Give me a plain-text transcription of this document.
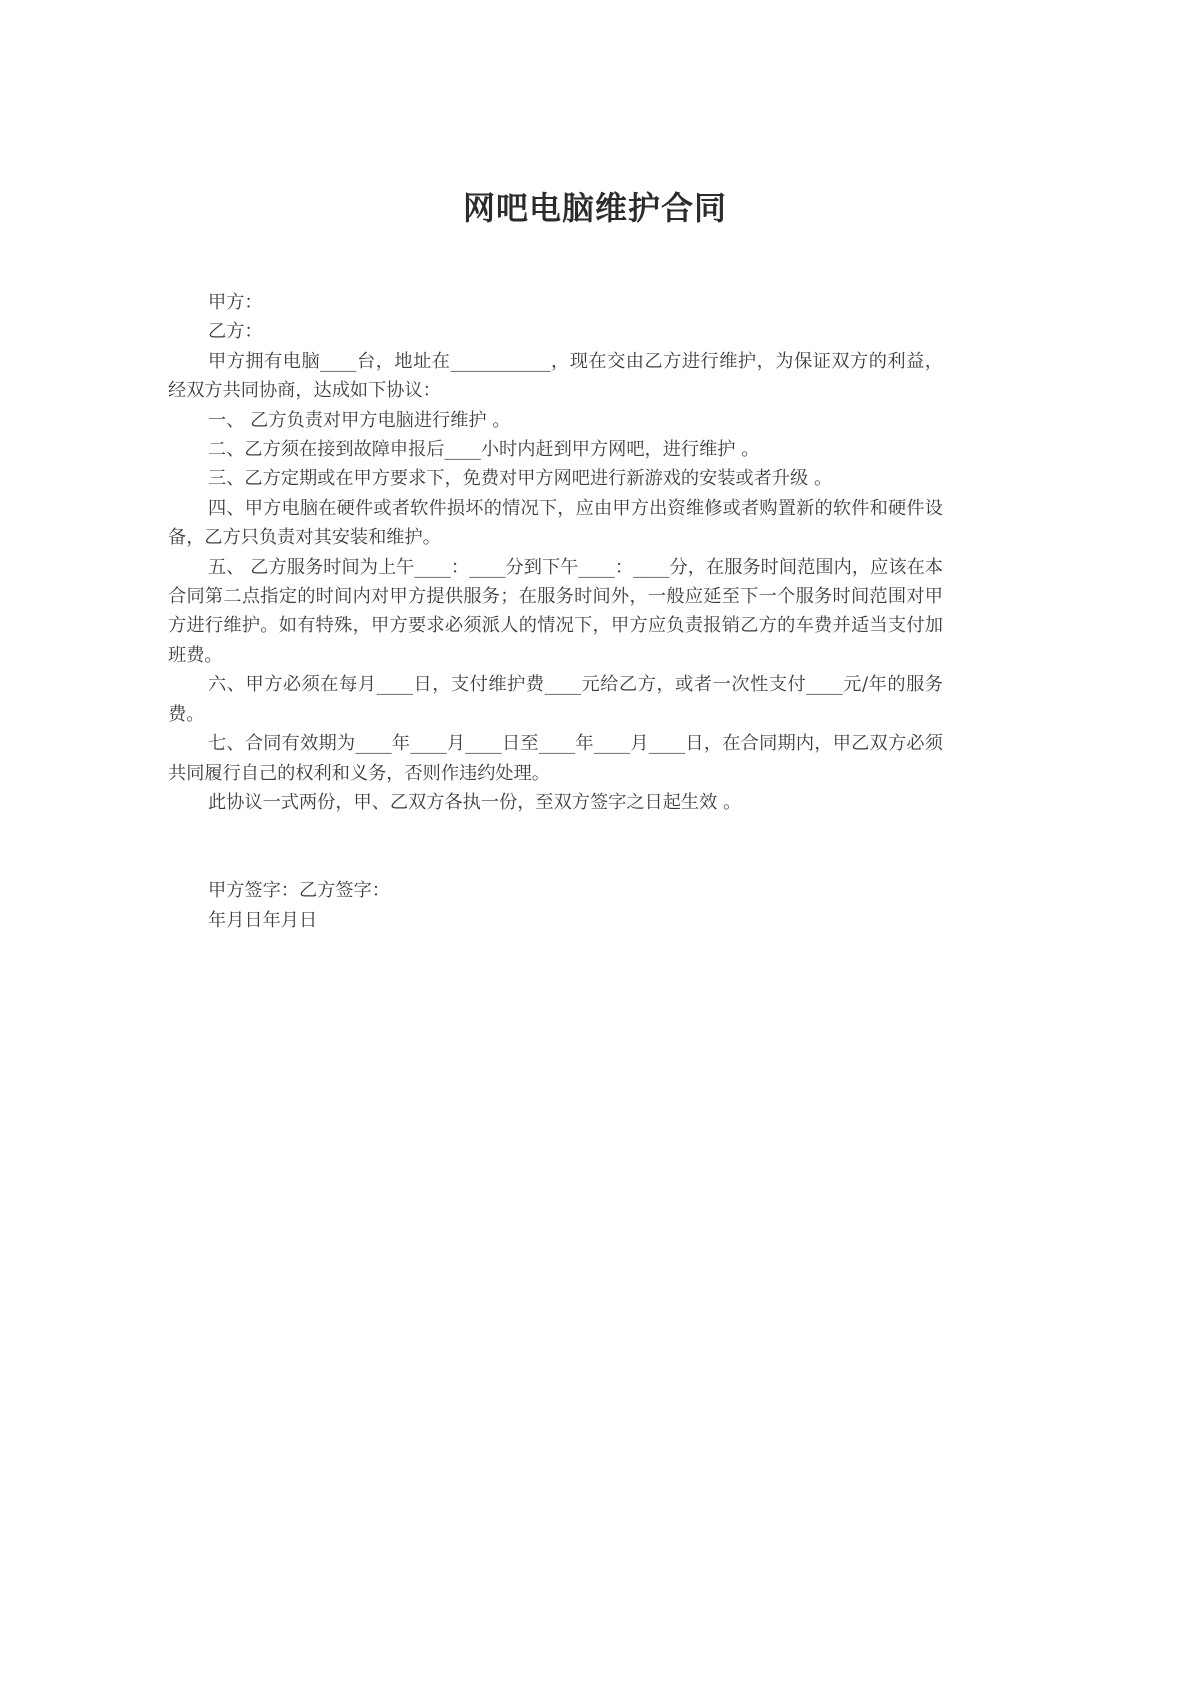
网吧电脑维护合同

甲方：

乙方：

甲方拥有电脑____台，地址在___________，现在交由乙方进行维护，为保证双方的利益，经双方共同协商，达成如下协议：

一、 乙方负责对甲方电脑进行维护 。

二、乙方须在接到故障申报后____小时内赶到甲方网吧，进行维护 。

三、乙方定期或在甲方要求下，免费对甲方网吧进行新游戏的安装或者升级 。

四、甲方电脑在硬件或者软件损坏的情况下，应由甲方出资维修或者购置新的软件和硬件设备，乙方只负责对其安装和维护。

五、 乙方服务时间为上午____：____分到下午____：____分，在服务时间范围内，应该在本合同第二点指定的时间内对甲方提供服务；在服务时间外，一般应延至下一个服务时间范围对甲方进行维护。如有特殊，甲方要求必须派人的情况下，甲方应负责报销乙方的车费并适当支付加班费。

六、甲方必须在每月____日，支付维护费____元给乙方，或者一次性支付____元/年的服务费。

七、合同有效期为____年____月____日至____年____月____日，在合同期内，甲乙双方必须共同履行自己的权利和义务，否则作违约处理。

此协议一式两份，甲、乙双方各执一份，至双方签字之日起生效 。

甲方签字：乙方签字：

年月日年月日
